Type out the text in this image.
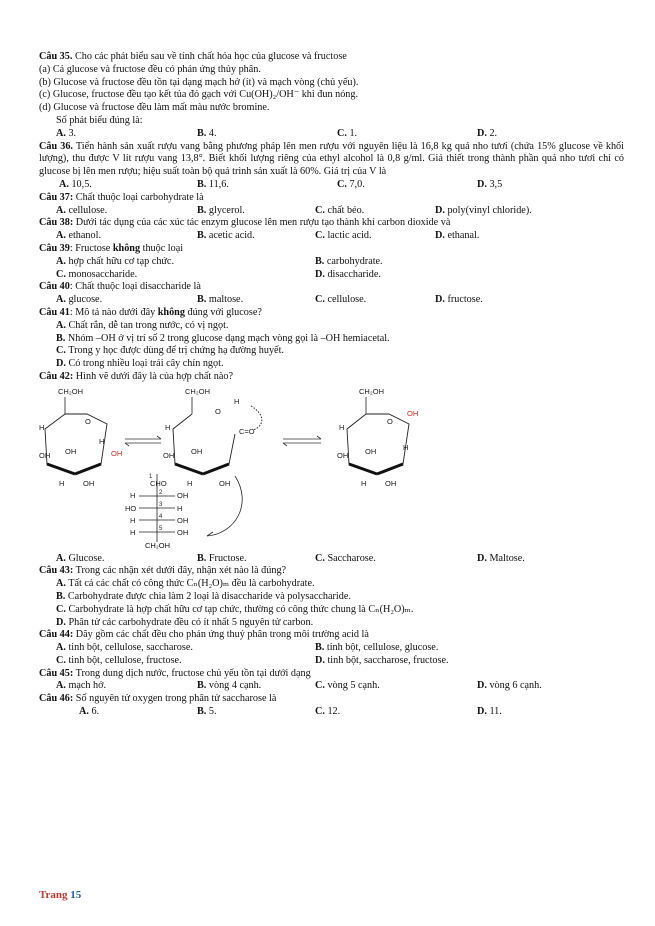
Câu 35. Cho các phát biểu sau về tính chất hóa học của glucose và fructose
(a) Cả glucose và fructose đều có phản ứng thủy phân.
(b) Glucose và fructose đều tồn tại dạng mạch hở (ít) và mạch vòng (chủ yếu).
(c) Glucose, fructose đều tạo kết tủa đỏ gạch với Cu(OH)₂/OH⁻ khi đun nóng.
(d) Glucose và fructose đều làm mất màu nước bromine.
Số phát biểu đúng là:
A. 3.	B. 4.	C. 1.	D. 2.
Câu 36. Tiến hành sản xuất rượu vang bằng phương pháp lên men rượu với nguyên liệu là 16,8 kg quả nho tươi (chứa 15% glucose về khối lượng), thu được V lít rượu vang 13,8°. Biết khối lượng riêng của ethyl alcohol là 0,8 g/ml. Giả thiết trong thành phần quả nho tươi chỉ có glucose bị lên men rượu; hiệu suất toàn bộ quá trình sản xuất là 60%. Giá trị của V là
A. 10,5.	B. 11,6.	C. 7,0.	D. 3,5
Câu 37: Chất thuộc loại carbohydrate là
A. cellulose.	B. glycerol.	C. chất béo.	D. poly(vinyl chloride).
Câu 38: Dưới tác dụng của các xúc tác enzym glucose lên men rượu tạo thành khí carbon dioxide và
A. ethanol.	B. acetic acid.	C. lactic acid.	D. ethanal.
Câu 39: Fructose không thuộc loại
A. hợp chất hữu cơ tạp chức.	B. carbohydrate.
C. monosaccharide.	D. disaccharide.
Câu 40: Chất thuộc loại disaccharide là
A. glucose.	B. maltose.	C. cellulose.	D. fructose.
Câu 41: Mô tả nào dưới đây không đúng với glucose?
A. Chất rắn, dễ tan trong nước, có vị ngọt.
B. Nhóm –OH ở vị trí số 2 trong glucose dạng mạch vòng gọi là –OH hemiacetal.
C. Trong y học được dùng để trị chứng hạ đường huyết.
D. Có trong nhiều loại trái cây chín ngọt.
Câu 42: Hình vẽ dưới đây là của hợp chất nào?
CH₂OH
O
H
OH OH	OH
H
H OH
CH₂OH
O
H
C=O
H
OH OH
H	OH
CH₂OH
O
OH
H
OH OH	H
H OH
1
CHO
H	OH
2
HO	H
3
H	OH
4
H	OH
5
CH₂OH
A. Glucose.	B. Fructose.	C. Saccharose.	D. Maltose.
Câu 43: Trong các nhận xét dưới đây, nhận xét nào là đúng?
A. Tất cả các chất có công thức Cₙ(H₂O)ₘ đều là carbohydrate.
B. Carbohydrate được chia làm 2 loại là disaccharide và polysaccharide.
C. Carbohydrate là hợp chất hữu cơ tạp chức, thường có công thức chung là Cₙ(H₂O)ₘ.
D. Phân tử các carbohydrate đều có ít nhất 5 nguyên tử carbon.
Câu 44: Dãy gồm các chất đều cho phản ứng thuỷ phân trong môi trường acid là
A. tinh bột, cellulose, saccharose.	B. tinh bột, cellulose, glucose.
C. tinh bột, cellulose, fructose.	D. tinh bột, saccharose, fructose.
Câu 45: Trong dung dịch nước, fructose chủ yếu tồn tại dưới dạng
A. mạch hở.	B. vòng 4 cạnh.	C. vòng 5 cạnh.	D. vòng 6 cạnh.
Câu 46: Số nguyên tử oxygen trong phân tử saccharose là
A. 6.	B. 5.	C. 12.	D. 11.
Trang 15
